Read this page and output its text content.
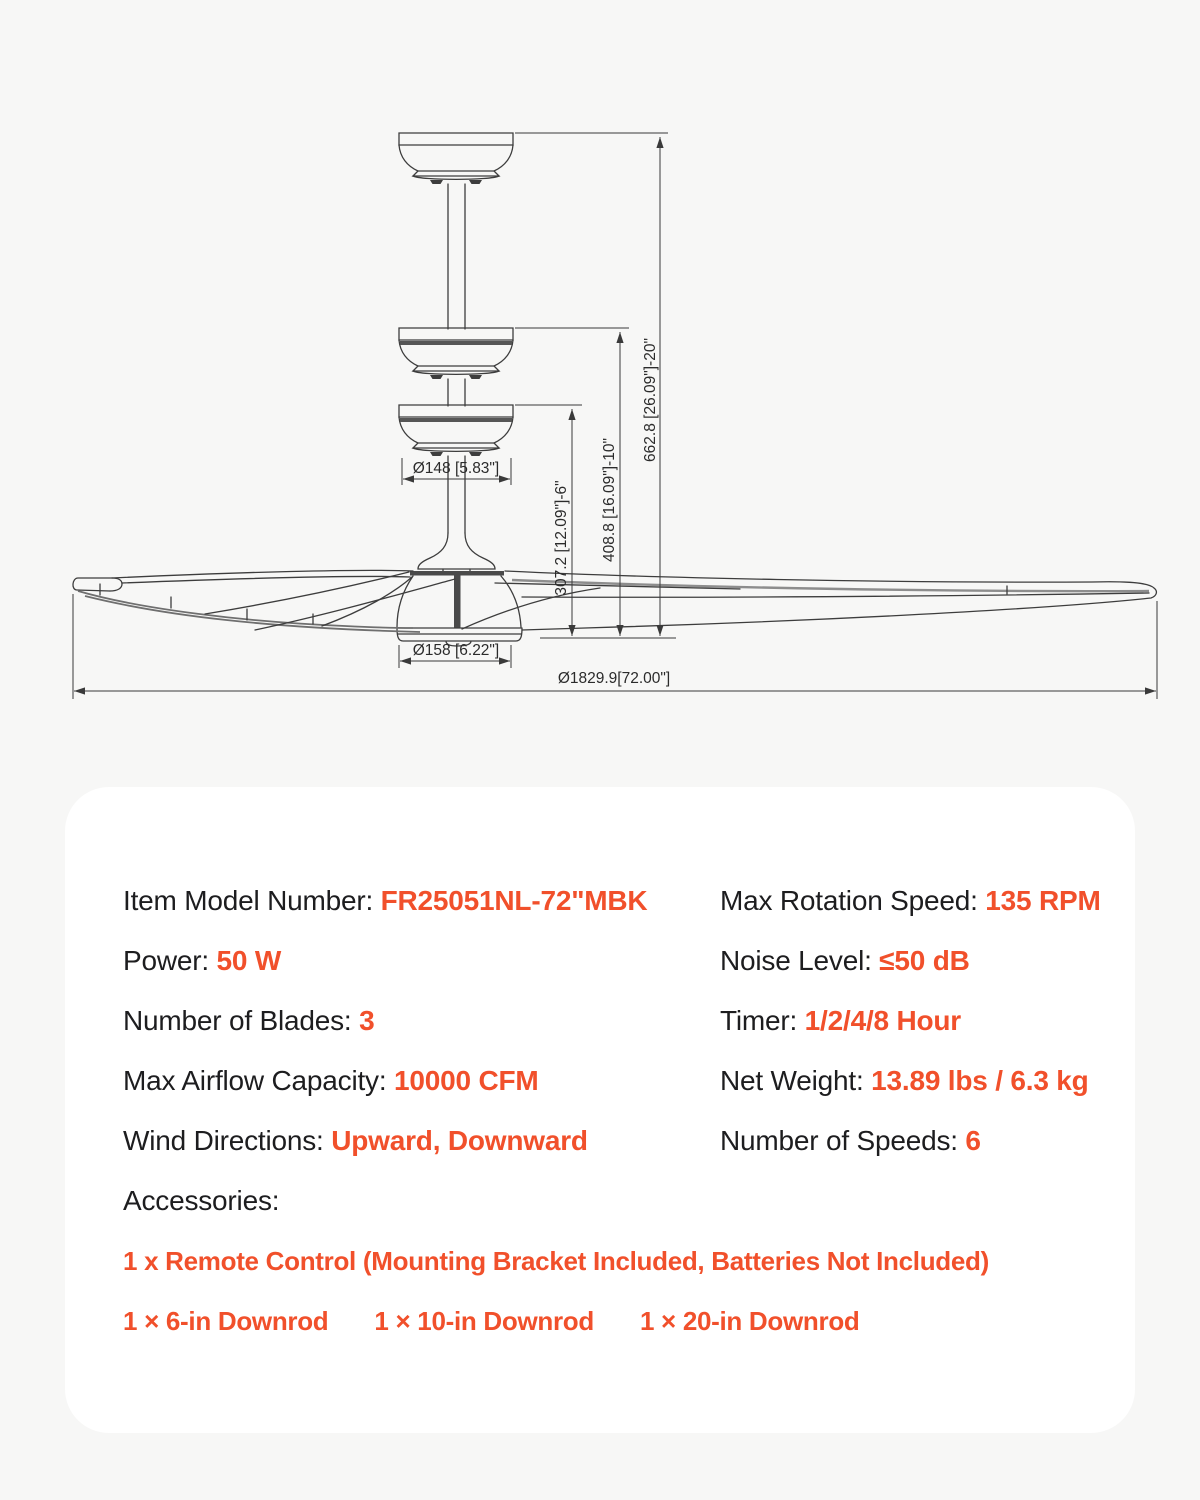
Ø148 [5.83"]
Ø158 [6.22"]
Ø1829.9[72.00"]
307.2 [12.09"]-6" 408.8 [16.09"]-10"
662.8 [26.09"]-20"
Item Model Number: FR25051NL-72"MBK	Max Rotation Speed: 135 RPM
Power: 50 W	Noise Level: ≤50 dB
Number of Blades: 3	Timer: 1/2/4/8 Hour
Max Airflow Capacity: 10000 CFM	Net Weight: 13.89 lbs / 6.3 kg
Wind Directions: Upward, Downward	Number of Speeds: 6
Accessories:
1 x Remote Control (Mounting Bracket Included, Batteries Not Included)
1 × 6-in Downrod 1 × 10-in Downrod 1 × 20-in Downrod
